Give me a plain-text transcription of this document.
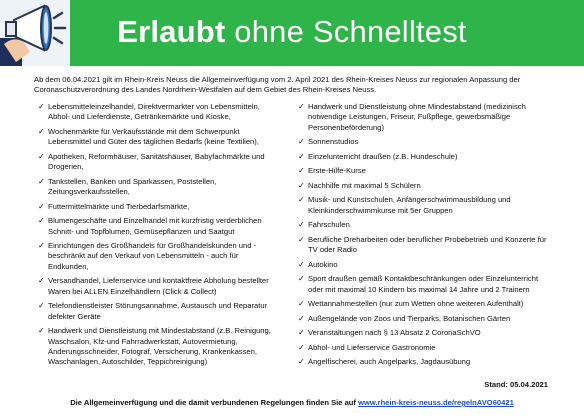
Erlaubt ohne Schnelltest
Ab dem 06.04.2021 gilt im Rhein-Kreis Neuss die Allgemeinverfügung vom 2. April 2021 des Rhein-Kreises Neuss zur regionalen Anpassung der Coronaschutzverordnung des Landes Nordrhein-Westfalen auf dem Gebiet des Rhein-Kreises Neuss.
✓ Lebensmitteleinzelhandel, Direktvermarkter von Lebensmitteln, Abhol- und Lieferdienste, Getränkemärkte und Kioske,
✓ Wochenmärkte für Verkaufsstände mit dem Schwerpunkt Lebensmittel und Güter des täglichen Bedarfs (keine Textilien),
✓ Apotheken, Reformhäuser, Sanitätshäuser, Babyfachmärkte und Drogerien,
✓ Tankstellen, Banken und Sparkassen, Poststellen, Zeitungsverkaufsstellen,
✓ Futtermittelmärkte und Tierbedarfsmärkte,
✓ Blumengeschäfte und Einzelhandel mit kurzfristig verderblichen Schnitt- und Topfblumen, Gemüsepflanzen und Saatgut
✓ Einrichtungen des Großhandels für Großhandelskunden und - beschränkt auf den Verkauf von Lebensmitteln - auch für Endkunden,
✓ Versandhandel, Lieferservice und kontaktfreie Abholung bestellter Waren bei ALLEN Einzelhändlern (Click & Collect)
✓ Telefondienstleister Störungsannahme, Austausch und Reparatur defekter Geräte
✓ Handwerk und Dienstleistung mit Mindestabstand (z.B. Reinigung, Waschsalon, Kfz-und Fahrradwerkstatt, Autovermietung, Änderungsschneider, Fotograf, Versicherung, Krankenkassen, Waschanlagen, Autoschilder, Teppichreinigung)
✓ Handwerk und Dienstleistung ohne Mindestabstand (medizinisch notwendige Leistungen, Friseur, Fußpflege, gewerbsmäßige Personenbeförderung)
✓ Sonnenstudios
✓ Einzelunterricht draußen (z.B. Hundeschule)
✓ Erste-Hilfe-Kurse
✓ Nachhilfe mit maximal 5 Schülern
✓ Musik- und Kunstschulen, Anfängerschwimmausbildung und Kleinkinderschwimmkurse mit 5er Gruppen
✓ Fahrschulen
✓ Berufliche Dreharbeiten oder beruflicher Probebetrieb und Konzerte für TV oder Radio
✓ Autokino
✓ Sport draußen gemäß Kontaktbeschränkungen oder Einzelunterricht oder mit maximal 10 Kindern bis maximal 14 Jahre und 2 Trainern
✓ Wettannahmestellen (nur zum Wetten ohne weiteren Aufenthalt)
✓ Außengelände von Zoos und Tierparks, Botanischen Gärten
✓ Veranstaltungen nach § 13 Absatz 2 CoronaSchVO
✓ Abhol- und Lieferservice Gastronomie
✓ Angelfischerei, auch Angelparks, Jagdausübung
Stand: 05.04.2021
Die Allgemeinverfügung und die damit verbundenen Regelungen finden Sie auf www.rhein-kreis-neuss.de/regelnAVO60421
